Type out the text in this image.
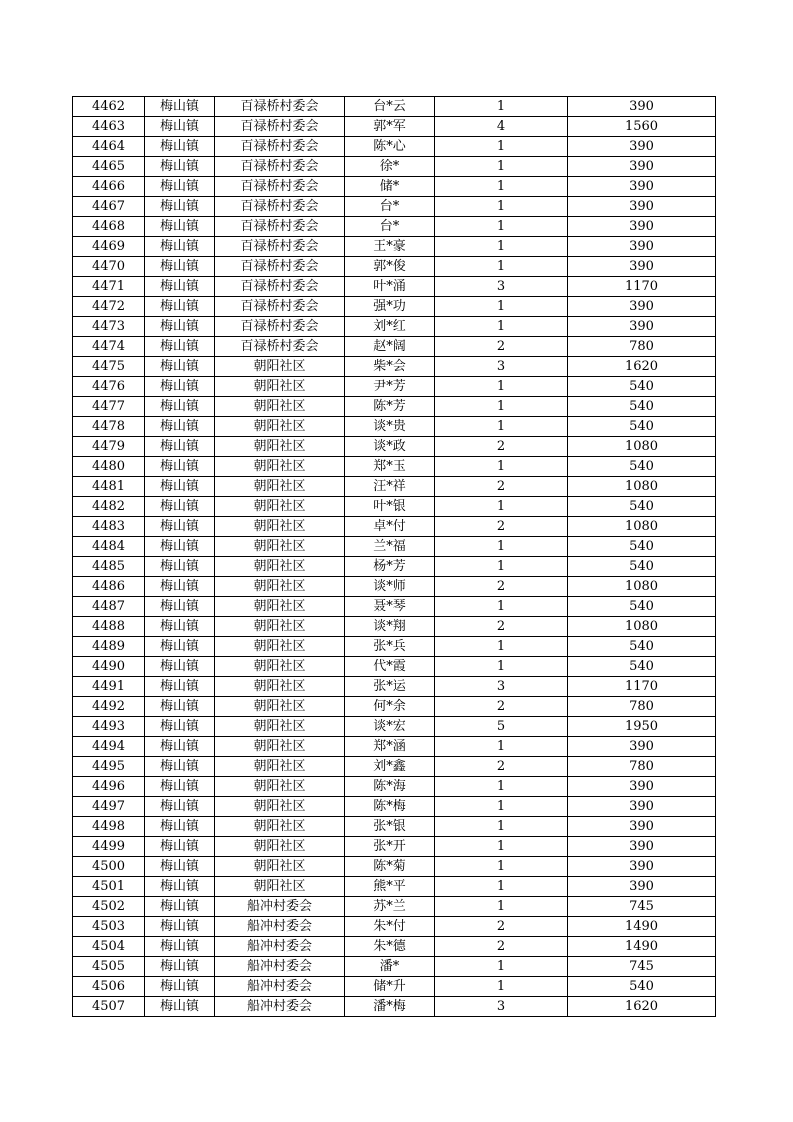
4462	梅山镇	百禄桥村委会	台*云	1	390
4463	梅山镇	百禄桥村委会	郭*军	4	1560
4464	梅山镇	百禄桥村委会	陈*心	1	390
4465	梅山镇	百禄桥村委会	徐*	1	390
4466	梅山镇	百禄桥村委会	储*	1	390
4467	梅山镇	百禄桥村委会	台*	1	390
4468	梅山镇	百禄桥村委会	台*	1	390
4469	梅山镇	百禄桥村委会	王*豪	1	390
4470	梅山镇	百禄桥村委会	郭*俊	1	390
4471	梅山镇	百禄桥村委会	叶*涌	3	1170
4472	梅山镇	百禄桥村委会	强*功	1	390
4473	梅山镇	百禄桥村委会	刘*红	1	390
4474	梅山镇	百禄桥村委会	赵*阔	2	780
4475	梅山镇	朝阳社区	柴*会	3	1620
4476	梅山镇	朝阳社区	尹*芳	1	540
4477	梅山镇	朝阳社区	陈*芳	1	540
4478	梅山镇	朝阳社区	谈*贵	1	540
4479	梅山镇	朝阳社区	谈*政	2	1080
4480	梅山镇	朝阳社区	郑*玉	1	540
4481	梅山镇	朝阳社区	汪*祥	2	1080
4482	梅山镇	朝阳社区	叶*银	1	540
4483	梅山镇	朝阳社区	卓*付	2	1080
4484	梅山镇	朝阳社区	兰*福	1	540
4485	梅山镇	朝阳社区	杨*芳	1	540
4486	梅山镇	朝阳社区	谈*师	2	1080
4487	梅山镇	朝阳社区	聂*琴	1	540
4488	梅山镇	朝阳社区	谈*翔	2	1080
4489	梅山镇	朝阳社区	张*兵	1	540
4490	梅山镇	朝阳社区	代*霞	1	540
4491	梅山镇	朝阳社区	张*运	3	1170
4492	梅山镇	朝阳社区	何*余	2	780
4493	梅山镇	朝阳社区	谈*宏	5	1950
4494	梅山镇	朝阳社区	郑*涵	1	390
4495	梅山镇	朝阳社区	刘*鑫	2	780
4496	梅山镇	朝阳社区	陈*海	1	390
4497	梅山镇	朝阳社区	陈*梅	1	390
4498	梅山镇	朝阳社区	张*银	1	390
4499	梅山镇	朝阳社区	张*开	1	390
4500	梅山镇	朝阳社区	陈*菊	1	390
4501	梅山镇	朝阳社区	熊*平	1	390
4502	梅山镇	船冲村委会	苏*兰	1	745
4503	梅山镇	船冲村委会	朱*付	2	1490
4504	梅山镇	船冲村委会	朱*德	2	1490
4505	梅山镇	船冲村委会	潘*	1	745
4506	梅山镇	船冲村委会	储*升	1	540
4507	梅山镇	船冲村委会	潘*梅	3	1620
